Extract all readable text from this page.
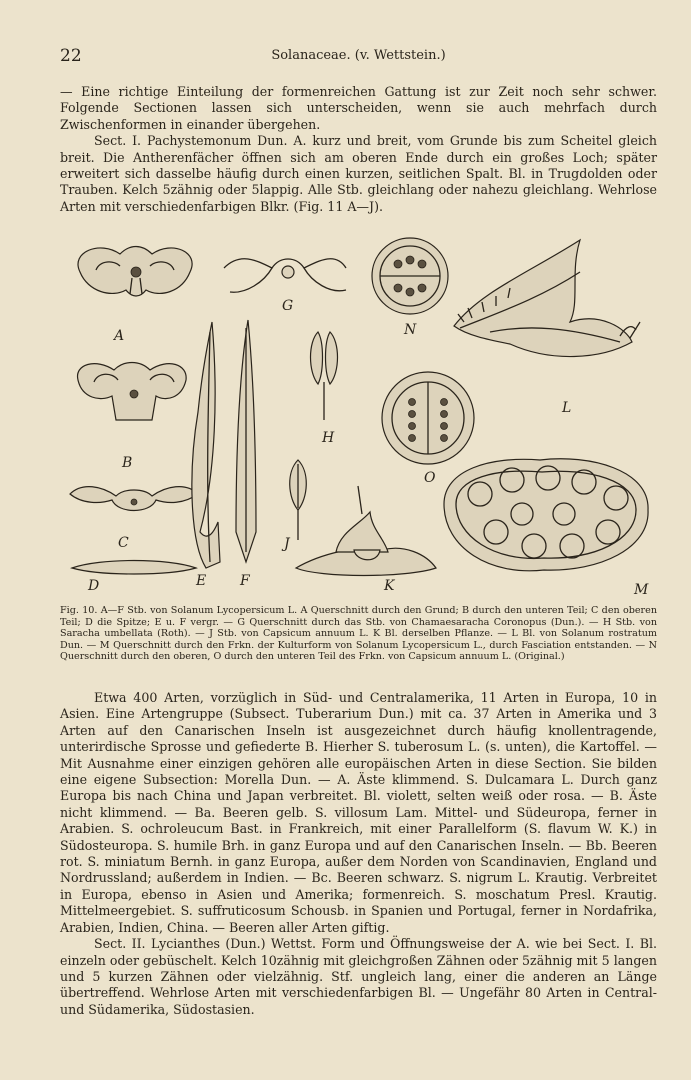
22	Solanaceae. (v. Wettstein.)

— Eine richtige Einteilung der formenreichen Gattung ist zur Zeit noch sehr schwer. Folgende Sectionen lassen sich unterscheiden, wenn sie auch mehrfach durch Zwischenformen in einander übergehen.

Sect. I. Pachystemonum Dun. A. kurz und breit, vom Grunde bis zum Scheitel gleich breit. Die Antherenfächer öffnen sich am oberen Ende durch ein großes Loch; später erweitert sich dasselbe häufig durch einen kurzen, seitlichen Spalt. Bl. in Trugdolden oder Trauben. Kelch 5zähnig oder 5lappig. Alle Stb. gleichlang oder nahezu gleichlang. Wehrlose Arten mit verschiedenfarbigen Blkr. (Fig. 11 A—J).

A
B
C
D	E F
G
H
J
K
N
O
L
M

Fig. 10. A—F Stb. von Solanum Lycopersicum L. A Querschnitt durch den Grund; B durch den unteren Teil; C den oberen Teil; D die Spitze; E u. F vergr. — G Querschnitt durch das Stb. von Chamaesaracha Coronopus (Dun.). — H Stb. von Saracha umbellata (Roth). — J Stb. von Capsicum annuum L. K Bl. derselben Pflanze. — L Bl. von Solanum rostratum Dun. — M Querschnitt durch den Frkn. der Kulturform von Solanum Lycopersicum L., durch Fasciation entstanden. — N Querschnitt durch den oberen, O durch den unteren Teil des Frkn. von Capsicum annuum L. (Original.)

Etwa 400 Arten, vorzüglich in Süd- und Centralamerika, 11 Arten in Europa, 10 in Asien. Eine Artengruppe (Subsect. Tuberarium Dun.) mit ca. 37 Arten in Amerika und 3 Arten auf den Canarischen Inseln ist ausgezeichnet durch häufig knollentragende, unterirdische Sprosse und gefiederte B. Hierher S. tuberosum L. (s. unten), die Kartoffel. — Mit Ausnahme einer einzigen gehören alle europäischen Arten in diese Section. Sie bilden eine eigene Subsection: Morella Dun. — A. Äste klimmend. S. Dulcamara L. Durch ganz Europa bis nach China und Japan verbreitet. Bl. violett, selten weiß oder rosa. — B. Äste nicht klimmend. — Ba. Beeren gelb. S. villosum Lam. Mittel- und Südeuropa, ferner in Arabien. S. ochroleucum Bast. in Frankreich, mit einer Parallelform (S. flavum W. K.) in Südosteuropa. S. humile Brh. in ganz Europa und auf den Canarischen Inseln. — Bb. Beeren rot. S. miniatum Bernh. in ganz Europa, außer dem Norden von Scandinavien, England und Nordrussland; außerdem in Indien. — Bc. Beeren schwarz. S. nigrum L. Krautig. Verbreitet in Europa, ebenso in Asien und Amerika; formenreich. S. moschatum Presl. Krautig. Mittelmeergebiet. S. suffruticosum Schousb. in Spanien und Portugal, ferner in Nordafrika, Arabien, Indien, China. — Beeren aller Arten giftig.

Sect. II. Lycianthes (Dun.) Wettst. Form und Öffnungsweise der A. wie bei Sect. I. Bl. einzeln oder gebüschelt. Kelch 10zähnig mit gleichgroßen Zähnen oder 5zähnig mit 5 langen und 5 kurzen Zähnen oder vielzähnig. Stf. ungleich lang, einer die anderen an Länge übertreffend. Wehrlose Arten mit verschiedenfarbigen Bl. — Ungefähr 80 Arten in Central- und Südamerika, Südostasien.
